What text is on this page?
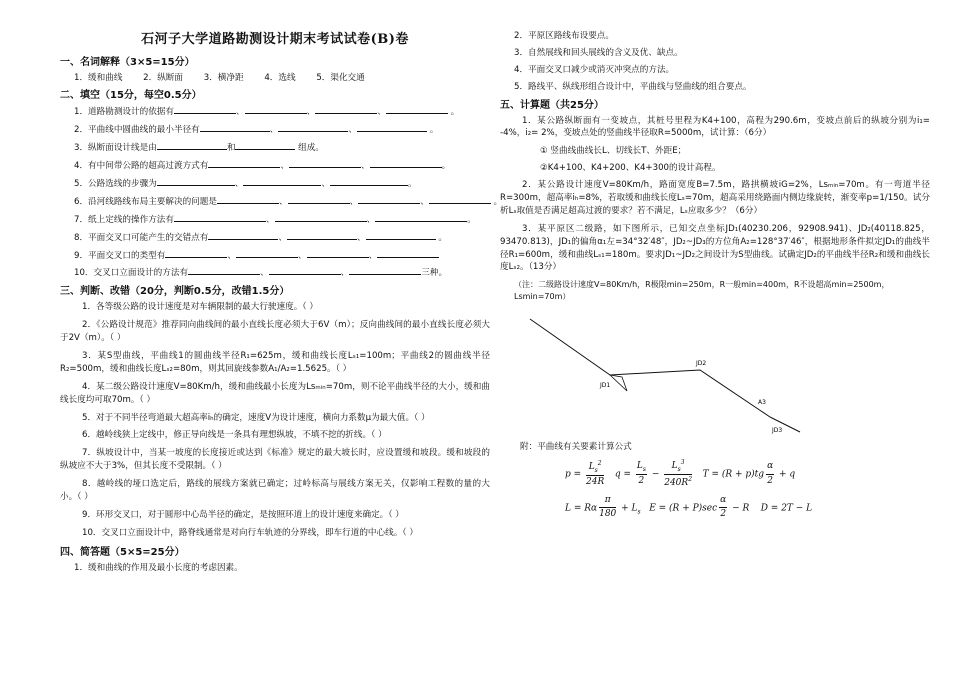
石河子大学道路勘测设计期末考试试卷(B)卷
一、名词解释（3×5=15分）
1．缓和曲线 2．纵断面 3．横净距 4．选线 5．渠化交通
二、填空（15分，每空0.5分）
1．道路勘测设计的依据有	、	、	、	。
2．平曲线中圆曲线的最小半径有	、	、	。
3．纵断面设计线是由	和	组成。
4．有中间带公路的超高过渡方式有	、	、	。
5．公路选线的步骤为	、	、	。
6．沿河线路线布局主要解决的问题是	、	、	、	。
7．纸上定线的操作方法有	、	、	。
8．平面交叉口可能产生的交错点有	、	、	。
9．平面交叉口的类型有	、	、	、
10．交叉口立面设计的方法有	、	、	三种。
三、判断、改错（20分，判断0.5分，改错1.5分）
1．各等级公路的设计速度是对车辆限制的最大行驶速度。（ ）
2．《公路设计规范》推荐同向曲线间的最小直线长度必须大于6V（m）；反向曲线间的最小直线长度必须大于2V（m）。（ ）
3．某S型曲线，平曲线1的圆曲线半径R₁=625m，缓和曲线长度Lₛ₁=100m；平曲线2的圆曲线半径R₂=500m，缓和曲线长度Lₛ₂=80m，则其回旋线参数A₁/A₂=1.5625。（ ）
4．某二级公路设计速度V=80Km/h，缓和曲线最小长度为Lsₘᵢₙ=70m，则不论平曲线半径的大小，缓和曲线长度均可取70m。（ ）
5．对于不同半径弯道最大超高率iₕ的确定，速度V为设计速度，横向力系数μ为最大值。（ ）
6．越岭线狭上定线中，修正导向线是一条具有理想纵坡，不填不挖的折线。（ ）
7．纵坡设计中，当某一坡度的长度接近或达到《标准》规定的最大坡长时，应设置缓和坡段。缓和坡段的纵坡应不大于3%，但其长度不受限制。（ ）
8．越岭线的垭口选定后，路线的展线方案就已确定；过岭标高与展线方案无关，仅影响工程数的量的大小。（ ）
9．环形交叉口，对于圆形中心岛半径的确定，是按照环道上的设计速度来确定。（ ）
10．交叉口立面设计中，路脊线通常是对向行车轨迹的分界线，即车行道的中心线。（ ）
四、简答题（5×5=25分）
1．缓和曲线的作用及最小长度的考虑因素。
2．平原区路线布设要点。
3．自然展线和回头展线的含义及优、缺点。
4．平面交叉口减少或消灭冲突点的方法。
5．路线平、纵线形组合设计中，平曲线与竖曲线的组合要点。
五、计算题（共25分）
1．某公路纵断面有一变坡点，其桩号里程为K4+100，高程为290.6m，变坡点前后的纵坡分别为i₁= -4%，i₂= 2%，变坡点处的竖曲线半径取R=5000m，试计算：（6分）
① 竖曲线曲线长L、切线长T、外距E；
②K4+100、K4+200、K4+300的设计高程。
2．某公路设计速度V=80Km/h，路面宽度B=7.5m，路拱横坡iG=2%，Lsₘᵢₙ=70m。有一弯道半径R=300m，超高率iₕ=8%，若取缓和曲线长度Lₛ=70m，超高采用绕路面内侧边缘旋转，渐变率p=1/150。试分析Lₛ取值是否满足超高过渡的要求？若不满足，Lₛ应取多少？（6分）
3．某平原区二级路，如下图所示，已知交点坐标JD₁(40230.206，92908.941)、JD₂(40118.825，93470.813)，JD₁的偏角α₁左=34°32′48″，JD₂~JD₃的方位角A₂=128°37′46″，根据地形条件拟定JD₁的曲线半径R₁=600m，缓和曲线Lₛ₁=180m。要求JD₁~JD₂之间设计为S型曲线。试确定JD₂的平曲线半径R₂和缓和曲线长度Lₛ₂。（13分）
（注：二级路设计速度V=80Km/h，R极限min=250m，R一般min=400m，R不设超高min=2500m，Lsmin=70m）
JD1
JD2
A3
JD3
附：平曲线有关要素计算公式
$p = \frac{L_s^2}{24R}$ $q = \frac{L_s}{2} - \frac{L_s^3}{240R^2}$ $T = (R + p)tg \frac{\alpha}{2} + q$
L = Rα $\frac{\pi}{180} + L_s$   $E = (R + P)\sec \frac{\alpha}{2} - R$    D = 2T − L
